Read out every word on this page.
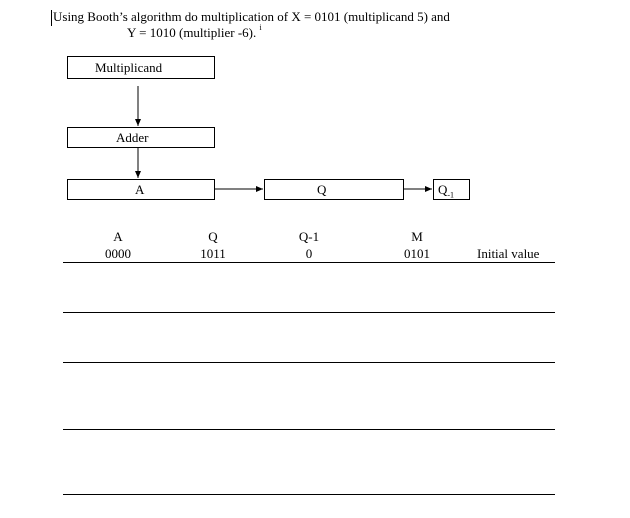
Using Booth’s algorithm do multiplication of X = 0101 (multiplicand 5) and
Y = 1010 (multiplier -6). $^i$
Multiplicand
Adder
A	Q	$Q_{-1}$
A	Q	Q-1	M
0000	1011	0	0101	Initial value
